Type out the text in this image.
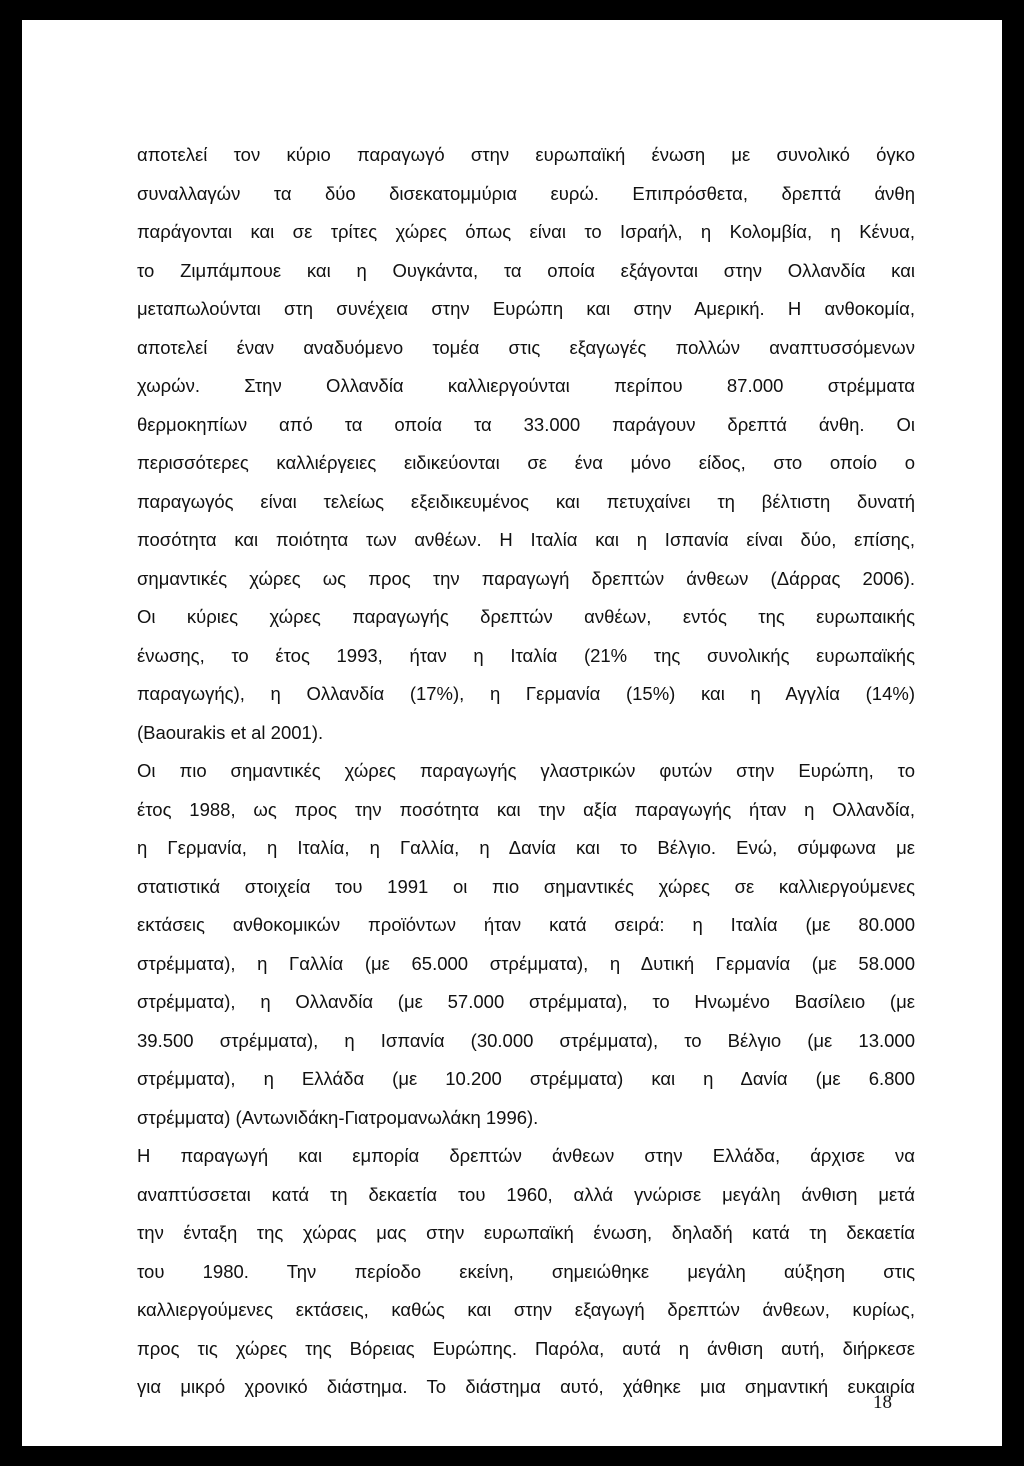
αποτελεί τον κύριο παραγωγό στην ευρωπαϊκή ένωση με συνολικό όγκο
συναλλαγών τα δύο δισεκατομμύρια ευρώ. Επιπρόσθετα, δρεπτά άνθη
παράγονται και σε τρίτες χώρες όπως είναι το Ισραήλ, η Κολομβία, η Κένυα,
το Ζιμπάμπουε και η Ουγκάντα, τα οποία εξάγονται στην Ολλανδία και
μεταπωλούνται στη συνέχεια στην Ευρώπη και στην Αμερική. Η ανθοκομία,
αποτελεί έναν αναδυόμενο τομέα στις εξαγωγές πολλών αναπτυσσόμενων
χωρών. Στην Ολλανδία καλλιεργούνται περίπου 87.000 στρέμματα
θερμοκηπίων από τα οποία τα 33.000 παράγουν δρεπτά άνθη. Οι
περισσότερες καλλιέργειες ειδικεύονται σε ένα μόνο είδος, στο οποίο ο
παραγωγός είναι τελείως εξειδικευμένος και πετυχαίνει τη βέλτιστη δυνατή
ποσότητα και ποιότητα των ανθέων. Η Ιταλία και η Ισπανία είναι δύο, επίσης,
σημαντικές χώρες ως προς την παραγωγή δρεπτών άνθεων (Δάρρας 2006).
Οι κύριες χώρες παραγωγής δρεπτών ανθέων, εντός της ευρωπαικής
ένωσης, το έτος 1993, ήταν η Ιταλία (21% της συνολικής ευρωπαϊκής
παραγωγής), η Ολλανδία (17%), η Γερμανία (15%) και η Αγγλία (14%)
(Baourakis et al 2001).
Οι πιο σημαντικές χώρες παραγωγής γλαστρικών φυτών στην Ευρώπη, το
έτος 1988, ως προς την ποσότητα και την αξία παραγωγής ήταν η Ολλανδία,
η Γερμανία, η Ιταλία, η Γαλλία, η Δανία και το Βέλγιο. Ενώ, σύμφωνα με
στατιστικά στοιχεία του 1991 οι πιο σημαντικές χώρες σε καλλιεργούμενες
εκτάσεις ανθοκομικών προϊόντων ήταν κατά σειρά: η Ιταλία (με 80.000
στρέμματα), η Γαλλία (με 65.000 στρέμματα), η Δυτική Γερμανία (με 58.000
στρέμματα), η Ολλανδία (με 57.000 στρέμματα), το Ηνωμένο Βασίλειο (με
39.500 στρέμματα), η Ισπανία (30.000 στρέμματα), το Βέλγιο (με 13.000
στρέμματα), η Ελλάδα (με 10.200 στρέμματα) και η Δανία (με 6.800
στρέμματα) (Αντωνιδάκη-Γιατρομανωλάκη 1996).
Η παραγωγή και εμπορία δρεπτών άνθεων στην Ελλάδα, άρχισε να
αναπτύσσεται κατά τη δεκαετία του 1960, αλλά γνώρισε μεγάλη άνθιση μετά
την ένταξη της χώρας μας στην ευρωπαϊκή ένωση, δηλαδή κατά τη δεκαετία
του 1980. Την περίοδο εκείνη, σημειώθηκε μεγάλη αύξηση στις
καλλιεργούμενες εκτάσεις, καθώς και στην εξαγωγή δρεπτών άνθεων, κυρίως,
προς τις χώρες της Βόρειας Ευρώπης. Παρόλα, αυτά η άνθιση αυτή, διήρκεσε
για μικρό χρονικό διάστημα. Το διάστημα αυτό, χάθηκε μια σημαντική ευκαιρία
18
